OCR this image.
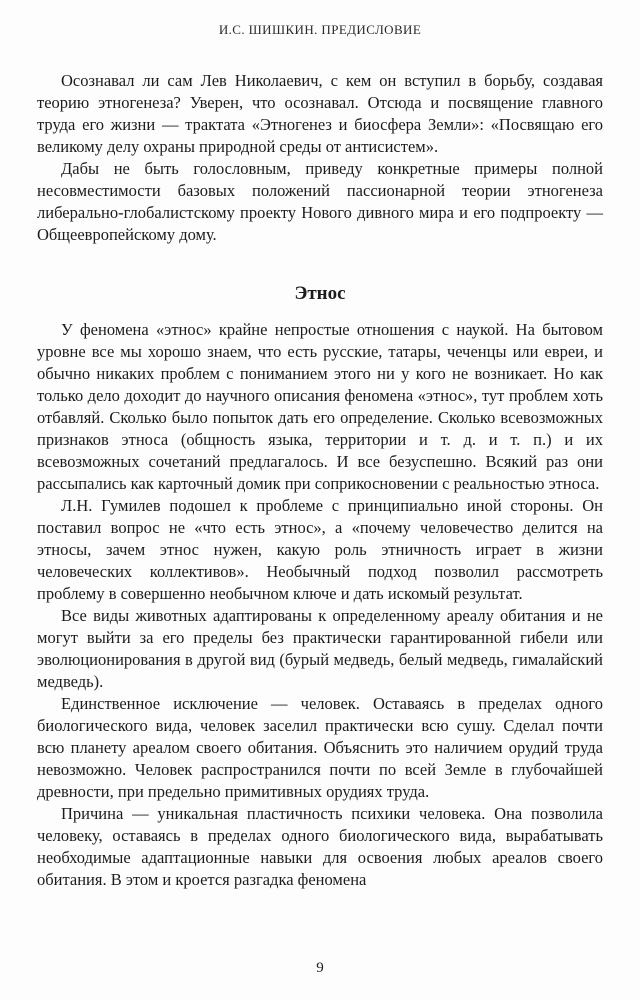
И.С. ШИШКИН. ПРЕДИСЛОВИЕ

Осознавал ли сам Лев Николаевич, с кем он вступил в борьбу, создавая теорию этногенеза? Уверен, что осознавал. Отсюда и посвящение главного труда его жизни — трактата «Этногенез и биосфера Земли»: «Посвящаю его великому делу охраны природной среды от антисистем».

Дабы не быть голословным, приведу конкретные примеры полной несовместимости базовых положений пассионарной теории этногенеза либерально-глобалистскому проекту Нового дивного мира и его подпроекту — Общеевропейскому дому.

Этнос

У феномена «этнос» крайне непростые отношения с наукой. На бытовом уровне все мы хорошо знаем, что есть русские, татары, чеченцы или евреи, и обычно никаких проблем с пониманием этого ни у кого не возникает. Но как только дело доходит до научного описания феномена «этнос», тут проблем хоть отбавляй. Сколько было попыток дать его определение. Сколько всевозможных признаков этноса (общность языка, территории и т. д. и т. п.) и их всевозможных сочетаний предлагалось. И все безуспешно. Всякий раз они рассыпались как карточный домик при соприкосновении с реальностью этноса.

Л.Н. Гумилев подошел к проблеме с принципиально иной стороны. Он поставил вопрос не «что есть этнос», а «почему человечество делится на этносы, зачем этнос нужен, какую роль этничность играет в жизни человеческих коллективов». Необычный подход позволил рассмотреть проблему в совершенно необычном ключе и дать искомый результат.

Все виды животных адаптированы к определенному ареалу обитания и не могут выйти за его пределы без практически гарантированной гибели или эволюционирования в другой вид (бурый медведь, белый медведь, гималайский медведь).

Единственное исключение — человек. Оставаясь в пределах одного биологического вида, человек заселил практически всю сушу. Сделал почти всю планету ареалом своего обитания. Объяснить это наличием орудий труда невозможно. Человек распространился почти по всей Земле в глубочайшей древности, при предельно примитивных орудиях труда.

Причина — уникальная пластичность психики человека. Она позволила человеку, оставаясь в пределах одного биологического вида, вырабатывать необходимые адаптационные навыки для освоения любых ареалов своего обитания. В этом и кроется разгадка феномена

9
